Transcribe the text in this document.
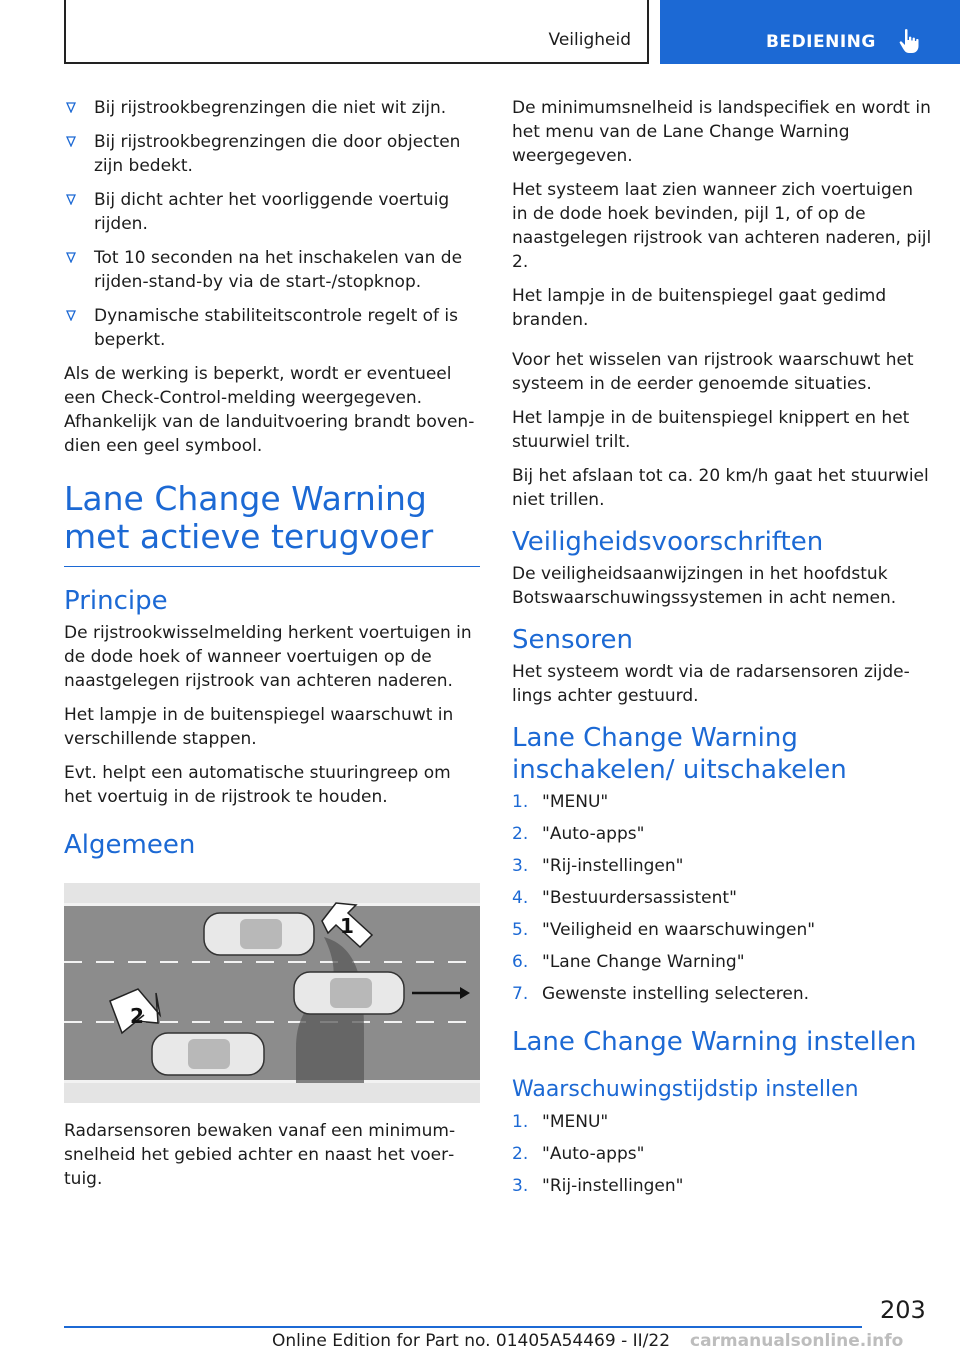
Veiligheid	BEDIENING
Bij rijstrookbegrenzingen die niet wit zijn.
Bij rijstrookbegrenzingen die door objecten zijn bedekt.
Bij dicht achter het voorliggende voertuig rijden.
Tot 10 seconden na het inschakelen van de rijden-stand-by via de start-/stopknop.
Dynamische stabiliteitscontrole regelt of is beperkt.

Als de werking is beperkt, wordt er eventueel een Check-Control-melding weergegeven. Afhankelijk van de landuitvoering brandt bovendien een geel symbool.

Lane Change Warning met actieve terugvoer
Principe

De rijstrookwisselmelding herkent voertuigen in de dode hoek of wanneer voertuigen op de naastgelegen rijstrook van achteren naderen.

Het lampje in de buitenspiegel waarschuwt in verschillende stappen.

Evt. helpt een automatische stuuringreep om het voertuig in de rijstrook te houden.

Algemeen
1
2

Radarsensoren bewaken vanaf een minimumsnelheid het gebied achter en naast het voertuig.

De minimumsnelheid is landspecifiek en wordt in het menu van de Lane Change Warning weergegeven.

Het systeem laat zien wanneer zich voertuigen in de dode hoek bevinden, pijl 1, of op de naastgelegen rijstrook van achteren naderen, pijl 2.

Het lampje in de buitenspiegel gaat gedimd branden.

Voor het wisselen van rijstrook waarschuwt het systeem in de eerder genoemde situaties.

Het lampje in de buitenspiegel knippert en het stuurwiel trilt.

Bij het afslaan tot ca. 20 km/h gaat het stuurwiel niet trillen.

Veiligheidsvoorschriften

De veiligheidsaanwijzingen in het hoofdstuk Botswaarschuwingssystemen in acht nemen.

Sensoren

Het systeem wordt via de radarsensoren zijdelings achter gestuurd.

Lane Change Warning inschakelen/ uitschakelen
1. "MENU"
2. "Auto-apps"
3. "Rij-instellingen"
4. "Bestuurdersassistent"
5. "Veiligheid en waarschuwingen"
6. "Lane Change Warning"
7. Gewenste instelling selecteren.
Lane Change Warning instellen
Waarschuwingstijdstip instellen
1. "MENU"
2. "Auto-apps"
3. "Rij-instellingen"
203
Online Edition for Part no. 01405A54469 - II/22 carmanualsonline.info
